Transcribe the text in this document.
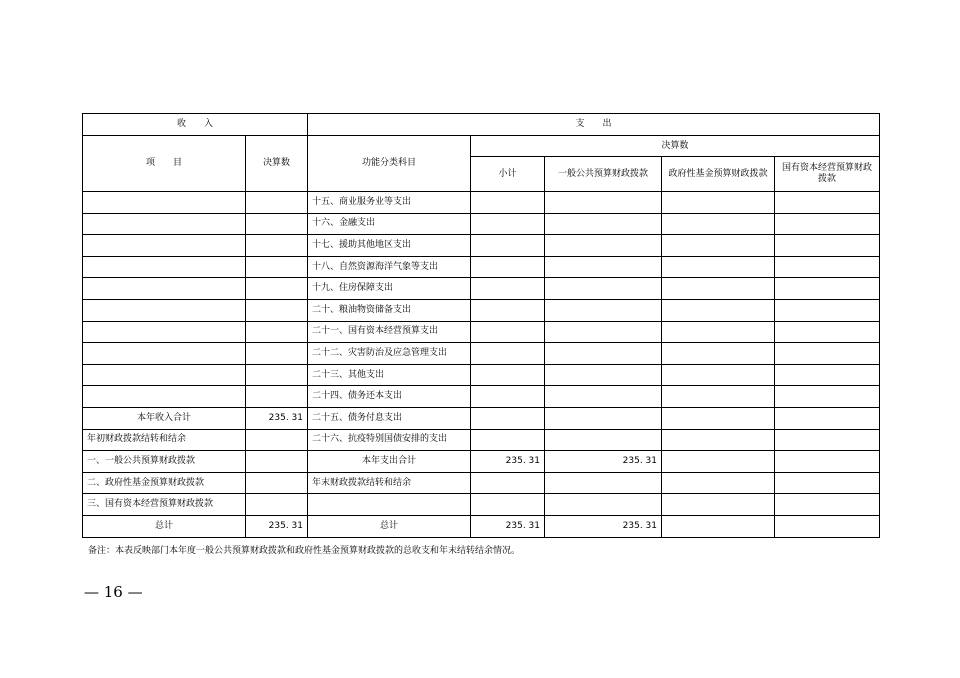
收　　入		支　　出				
项　　目	决算数	功能分类科目	决算数			
			小计	一般公共预算财政拨款	政府性基金预算财政拨款	国有资本经营预算财政拨款
		十五、商业服务业等支出				
		十六、金融支出				
		十七、援助其他地区支出				
		十八、自然资源海洋气象等支出				
		十九、住房保障支出				
		二十、粮油物资储备支出				
		二十一、国有资本经营预算支出				
		二十二、灾害防治及应急管理支出				
		二十三、其他支出				
		二十四、债务还本支出				
本年收入合计	235. 31	二十五、债务付息支出				
年初财政拨款结转和结余		二十六、抗疫特别国债安排的支出				
一、一般公共预算财政拨款		本年支出合计	235. 31	235. 31		
二、政府性基金预算财政拨款		年末财政拨款结转和结余				
三、国有资本经营预算财政拨款						
总计	235. 31	总计	235. 31	235. 31		
备注：本表反映部门本年度一般公共预算财政拨款和政府性基金预算财政拨款的总收支和年末结转结余情况。
— 16 —
